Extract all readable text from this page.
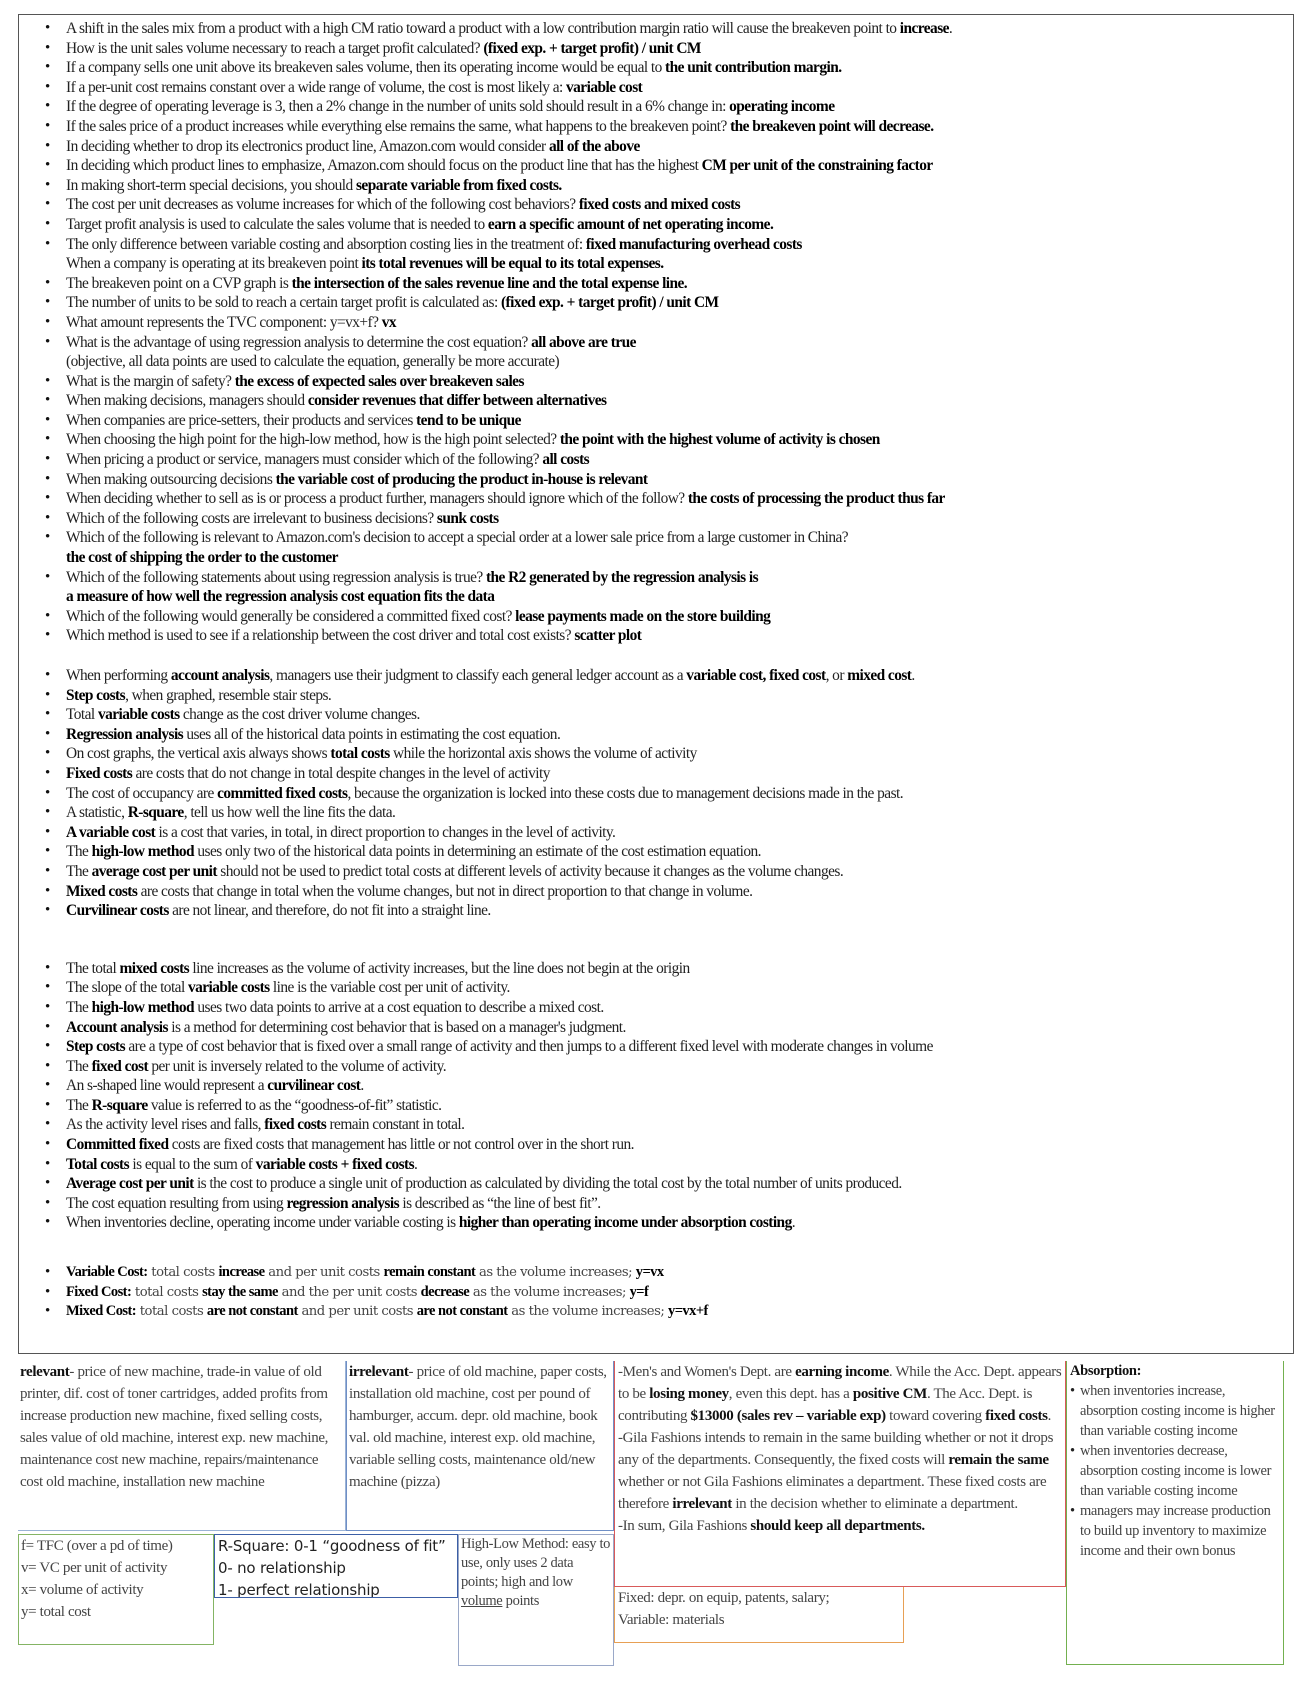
• A shift in the sales mix from a product with a high CM ratio toward a product with a low contribution margin ratio will cause the breakeven point to increase.
• How is the unit sales volume necessary to reach a target profit calculated? (fixed exp. + target profit) / unit CM
• If a company sells one unit above its breakeven sales volume, then its operating income would be equal to the unit contribution margin.
• If a per-unit cost remains constant over a wide range of volume, the cost is most likely a: variable cost
• If the degree of operating leverage is 3, then a 2% change in the number of units sold should result in a 6% change in: operating income
• If the sales price of a product increases while everything else remains the same, what happens to the breakeven point? the breakeven point will decrease.
• In deciding whether to drop its electronics product line, Amazon.com would consider all of the above
• In deciding which product lines to emphasize, Amazon.com should focus on the product line that has the highest CM per unit of the constraining factor
• In making short-term special decisions, you should separate variable from fixed costs.
• The cost per unit decreases as volume increases for which of the following cost behaviors? fixed costs and mixed costs
• Target profit analysis is used to calculate the sales volume that is needed to earn a specific amount of net operating income.
• The only difference between variable costing and absorption costing lies in the treatment of: fixed manufacturing overhead costs
When a company is operating at its breakeven point its total revenues will be equal to its total expenses.
• The breakeven point on a CVP graph is the intersection of the sales revenue line and the total expense line.
• The number of units to be sold to reach a certain target profit is calculated as: (fixed exp. + target profit) / unit CM
• What amount represents the TVC component: y=vx+f? vx
• What is the advantage of using regression analysis to determine the cost equation? all above are true
(objective, all data points are used to calculate the equation, generally be more accurate)
• What is the margin of safety? the excess of expected sales over breakeven sales
• When making decisions, managers should consider revenues that differ between alternatives
• When companies are price-setters, their products and services tend to be unique
• When choosing the high point for the high-low method, how is the high point selected? the point with the highest volume of activity is chosen
• When pricing a product or service, managers must consider which of the following? all costs
• When making outsourcing decisions the variable cost of producing the product in-house is relevant
• When deciding whether to sell as is or process a product further, managers should ignore which of the follow? the costs of processing the product thus far
• Which of the following costs are irrelevant to business decisions? sunk costs
• Which of the following is relevant to Amazon.com's decision to accept a special order at a lower sale price from a large customer in China?
the cost of shipping the order to the customer
• Which of the following statements about using regression analysis is true? the R2 generated by the regression analysis is
a measure of how well the regression analysis cost equation fits the data
• Which of the following would generally be considered a committed fixed cost? lease payments made on the store building
• Which method is used to see if a relationship between the cost driver and total cost exists? scatter plot
• When performing account analysis, managers use their judgment to classify each general ledger account as a variable cost, fixed cost, or mixed cost.
• Step costs, when graphed, resemble stair steps.
• Total variable costs change as the cost driver volume changes.
• Regression analysis uses all of the historical data points in estimating the cost equation.
• On cost graphs, the vertical axis always shows total costs while the horizontal axis shows the volume of activity
• Fixed costs are costs that do not change in total despite changes in the level of activity
• The cost of occupancy are committed fixed costs, because the organization is locked into these costs due to management decisions made in the past.
• A statistic, R-square, tell us how well the line fits the data.
• A variable cost is a cost that varies, in total, in direct proportion to changes in the level of activity.
• The high-low method uses only two of the historical data points in determining an estimate of the cost estimation equation.
• The average cost per unit should not be used to predict total costs at different levels of activity because it changes as the volume changes.
• Mixed costs are costs that change in total when the volume changes, but not in direct proportion to that change in volume.
• Curvilinear costs are not linear, and therefore, do not fit into a straight line.
• The total mixed costs line increases as the volume of activity increases, but the line does not begin at the origin
• The slope of the total variable costs line is the variable cost per unit of activity.
• The high-low method uses two data points to arrive at a cost equation to describe a mixed cost.
• Account analysis is a method for determining cost behavior that is based on a manager's judgment.
• Step costs are a type of cost behavior that is fixed over a small range of activity and then jumps to a different fixed level with moderate changes in volume
• The fixed cost per unit is inversely related to the volume of activity.
• An s-shaped line would represent a curvilinear cost.
• The R-square value is referred to as the “goodness-of-fit” statistic.
• As the activity level rises and falls, fixed costs remain constant in total.
• Committed fixed costs are fixed costs that management has little or not control over in the short run.
• Total costs is equal to the sum of variable costs + fixed costs.
• Average cost per unit is the cost to produce a single unit of production as calculated by dividing the total cost by the total number of units produced.
• The cost equation resulting from using regression analysis is described as “the line of best fit”.
• When inventories decline, operating income under variable costing is higher than operating income under absorption costing.
• Variable Cost: total costs increase and per unit costs remain constant as the volume increases; y=vx
• Fixed Cost: total costs stay the same and the per unit costs decrease as the volume increases; y=f
• Mixed Cost: total costs are not constant and per unit costs are not constant as the volume increases; y=vx+f
relevant- price of new machine, trade-in value of old printer, dif. cost of toner cartridges, added profits from increase production new machine, fixed selling costs, sales value of old machine, interest exp. new machine, maintenance cost new machine, repairs/maintenance cost old machine, installation new machine
irrelevant- price of old machine, paper costs, installation old machine, cost per pound of hamburger, accum. depr. old machine, book val. old machine, interest exp. old machine, variable selling costs, maintenance old/new machine (pizza)
-Men's and Women's Dept. are earning income. While the Acc. Dept. appears to be losing money, even this dept. has a positive CM. The Acc. Dept. is contributing $13000 (sales rev – variable exp) toward covering fixed costs.
-Gila Fashions intends to remain in the same building whether or not it drops any of the departments. Consequently, the fixed costs will remain the same whether or not Gila Fashions eliminates a department. These fixed costs are therefore irrelevant in the decision whether to eliminate a department.
-In sum, Gila Fashions should keep all departments.
Fixed: depr. on equip, patents, salary;
Variable: materials
Absorption:
• when inventories increase, absorption costing income is higher than variable costing income
• when inventories decrease, absorption costing income is lower than variable costing income
• managers may increase production to build up inventory to maximize income and their own bonus
f= TFC (over a pd of time)
v= VC per unit of activity
x= volume of activity
y= total cost
R-Square: 0-1 “goodness of fit”
0- no relationship
1- perfect relationship
High-Low Method: easy to use, only uses 2 data points; high and low volume points
